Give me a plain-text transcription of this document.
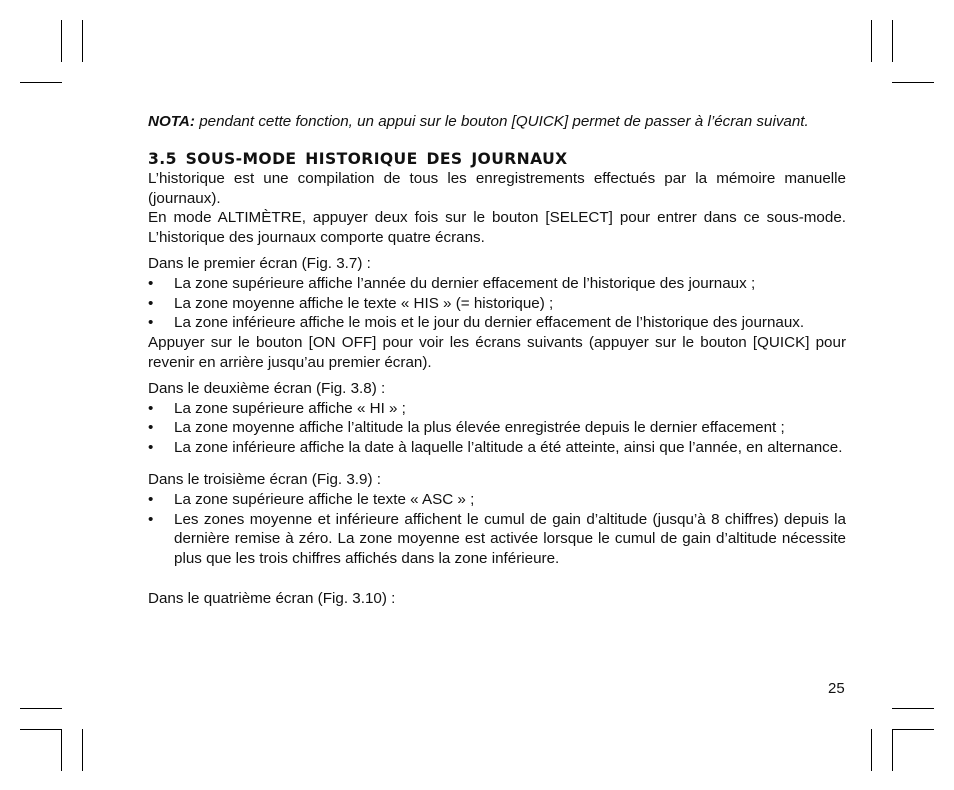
NOTA: pendant cette fonction, un appui sur le bouton [QUICK] permet de passer à l’écran suivant.

3.5 SOUS-MODE HISTORIQUE DES JOURNAUX

L’historique est une compilation de tous les enregistrements effectués par la mémoire manuelle (journaux).

En mode ALTIMÈTRE, appuyer deux fois sur le bouton [SELECT] pour entrer dans ce sous-mode. L’historique des journaux comporte quatre écrans.

Dans le premier écran (Fig. 3.7) :

• La zone supérieure affiche l’année du dernier effacement de l’historique des journaux ;
• La zone moyenne affiche le texte « HIS » (= historique) ;
• La zone inférieure affiche le mois et le jour du dernier effacement de l’historique des journaux.

Appuyer sur le bouton [ON OFF] pour voir les écrans suivants (appuyer sur le bouton [QUICK] pour revenir en arrière jusqu’au premier écran).

Dans le deuxième écran (Fig. 3.8) :

• La zone supérieure affiche « HI » ;
• La zone moyenne affiche l’altitude la plus élevée enregistrée depuis le dernier effacement ;
• La zone inférieure affiche la date à laquelle l’altitude a été atteinte, ainsi que l’année, en alternance.

Dans le troisième écran (Fig. 3.9) :

• La zone supérieure affiche le texte « ASC » ;
• Les zones moyenne et inférieure affichent le cumul de gain d’altitude (jusqu’à 8 chiffres) depuis la dernière remise à zéro. La zone moyenne est activée lorsque le cumul de gain d’altitude nécessite plus que les trois chiffres affichés dans la zone inférieure.

Dans le quatrième écran (Fig. 3.10) :

25
